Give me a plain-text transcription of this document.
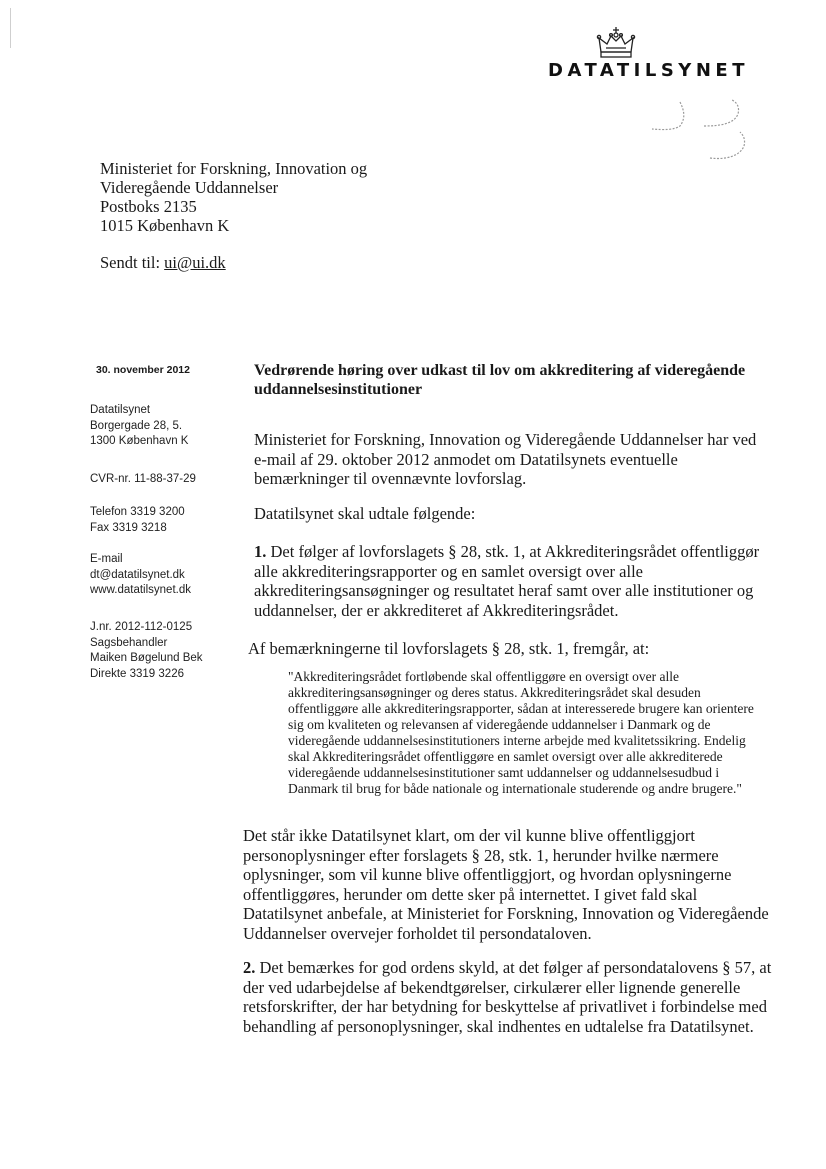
DATATILSYNET
Ministeriet for Forskning, Innovation og
Videregående Uddannelser
Postboks 2135
1015 København K
Sendt til: ui@ui.dk
30. november 2012
Datatilsynet
Borgergade 28, 5.
1300 København K
CVR-nr. 11-88-37-29
Telefon 3319 3200
Fax 3319 3218
E-mail
dt@datatilsynet.dk
www.datatilsynet.dk
J.nr. 2012-112-0125
Sagsbehandler
Maiken Bøgelund Bek
Direkte 3319 3226
Vedrørende høring over udkast til lov om akkreditering af videregående uddannelsesinstitutioner

Ministeriet for Forskning, Innovation og Videregående Uddannelser har ved e-mail af 29. oktober 2012 anmodet om Datatilsynets eventuelle bemærkninger til ovennævnte lovforslag.

Datatilsynet skal udtale følgende:

1. Det følger af lovforslagets § 28, stk. 1, at Akkrediteringsrådet offentliggør alle akkrediteringsrapporter og en samlet oversigt over alle akkrediteringsansøgninger og resultatet heraf samt over alle institutioner og uddannelser, der er akkrediteret af Akkrediteringsrådet.

Af bemærkningerne til lovforslagets § 28, stk. 1, fremgår, at:

"Akkrediteringsrådet fortløbende skal offentliggøre en oversigt over alle akkrediteringsansøgninger og deres status. Akkrediteringsrådet skal desuden offentliggøre alle akkrediteringsrapporter, sådan at interesserede brugere kan orientere sig om kvaliteten og relevansen af videregående uddannelser i Danmark og de videregående uddannelsesinstitutioners interne arbejde med kvalitetssikring. Endelig skal Akkrediteringsrådet offentliggøre en samlet oversigt over alle akkrediterede videregående uddannelsesinstitutioner samt uddannelser og uddannelsesudbud i Danmark til brug for både nationale og internationale studerende og andre brugere."

Det står ikke Datatilsynet klart, om der vil kunne blive offentliggjort personoplysninger efter forslagets § 28, stk. 1, herunder hvilke nærmere oplysninger, som vil kunne blive offentliggjort, og hvordan oplysningerne offentliggøres, herunder om dette sker på internettet. I givet fald skal Datatilsynet anbefale, at Ministeriet for Forskning, Innovation og Videregående Uddannelser overvejer forholdet til persondataloven.

2. Det bemærkes for god ordens skyld, at det følger af persondatalovens § 57, at der ved udarbejdelse af bekendtgørelser, cirkulærer eller lignende generelle retsforskrifter, der har betydning for beskyttelse af privatlivet i forbindelse med behandling af personoplysninger, skal indhentes en udtalelse fra Datatilsynet.
